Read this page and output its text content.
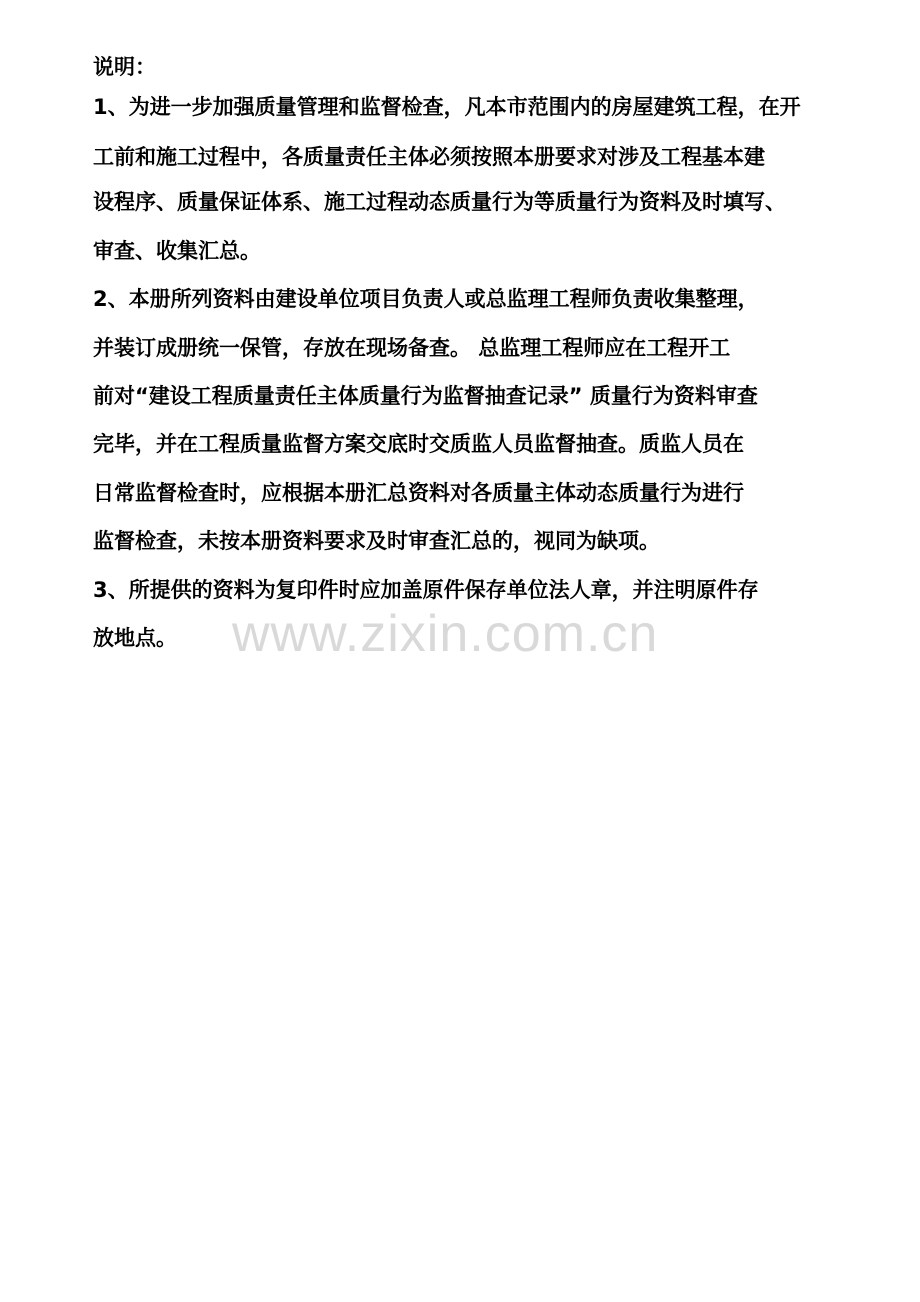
说明：
1、为进一步加强质量管理和监督检查，凡本市范围内的房屋建筑工程，在开
工前和施工过程中，各质量责任主体必须按照本册要求对涉及工程基本建
设程序、质量保证体系、施工过程动态质量行为等质量行为资料及时填写、
审查、收集汇总。
2、本册所列资料由建设单位项目负责人或总监理工程师负责收集整理，
并装订成册统一保管，存放在现场备查。 总监理工程师应在工程开工
前对“建设工程质量责任主体质量行为监督抽查记录” 质量行为资料审查
完毕，并在工程质量监督方案交底时交质监人员监督抽查。质监人员在
日常监督检查时，应根据本册汇总资料对各质量主体动态质量行为进行
监督检查，未按本册资料要求及时审查汇总的，视同为缺项。
3、所提供的资料为复印件时应加盖原件保存单位法人章，并注明原件存
放地点。 www.zixin.com.cn
